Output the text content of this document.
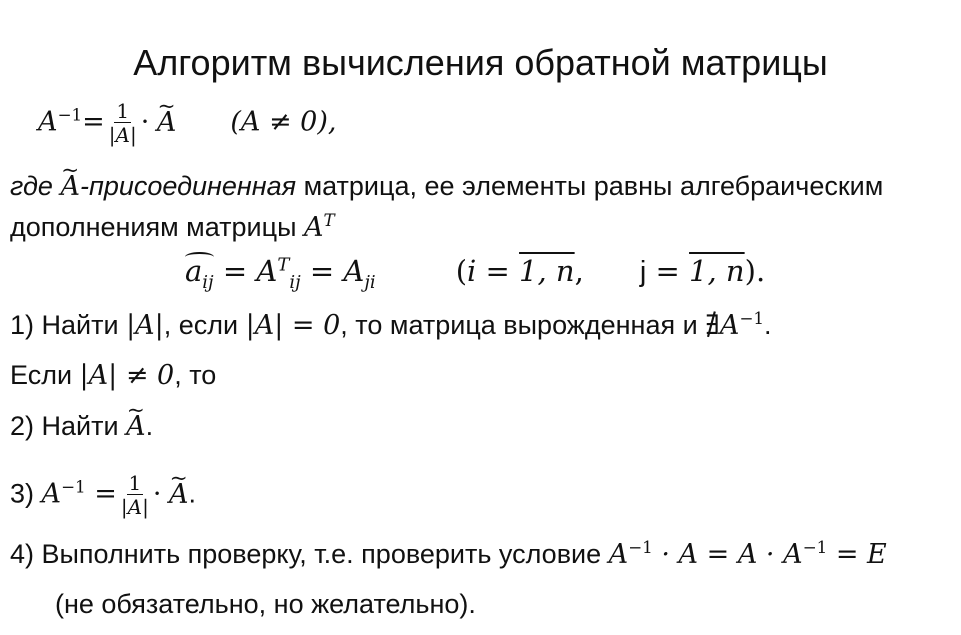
Алгоритм вычисления обратной матрицы
$A^{-1}= \frac{1}{|A|}$ · ~ A (A ≠ 0),
где ~ A-присоединенная матрица, ее элементы равны алгебраическим
дополнениям матрицы $A^T$
$a_{ij} = A^T_{ij} = A_{ji}$	(i = 1, n, j = 1, n).
1) Найти |A|, если |A| = 0, то матрица вырожденная и $∄A^{-1}$.
Если |A| ≠ 0, то
2) Найти ~ A.
3) $A^{-1} = \frac{1}{|A|}$ · ~ A.
4) Выполнить проверку, т.е. проверить условие $A^{-1} \cdot A = A \cdot A^{-1} = E$
(не обязательно, но желательно).
